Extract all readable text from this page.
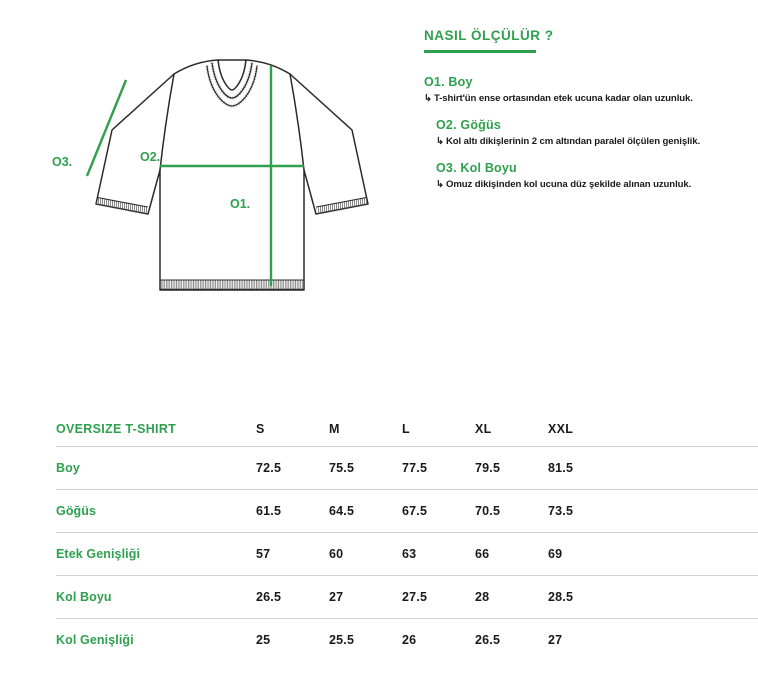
O1.
O2.
O3.
NASIL ÖLÇÜLÜR ?
O1. Boy
↳ T-shirt'ün ense ortasından etek ucuna kadar olan uzunluk.
O2. Göğüs
↳ Kol altı dikişlerinin 2 cm altından paralel ölçülen genişlik.
O3. Kol Boyu
↳ Omuz dikişinden kol ucuna düz şekilde alınan uzunluk.
OVERSIZE T-SHIRT	S	M	L	XL	XXL	
Boy	72.5	75.5	77.5	79.5	81.5	
Göğüs	61.5	64.5	67.5	70.5	73.5	
Etek Genişliği	57	60	63	66	69	
Kol Boyu	26.5	27	27.5	28	28.5	
Kol Genişliği	25	25.5	26	26.5	27	
